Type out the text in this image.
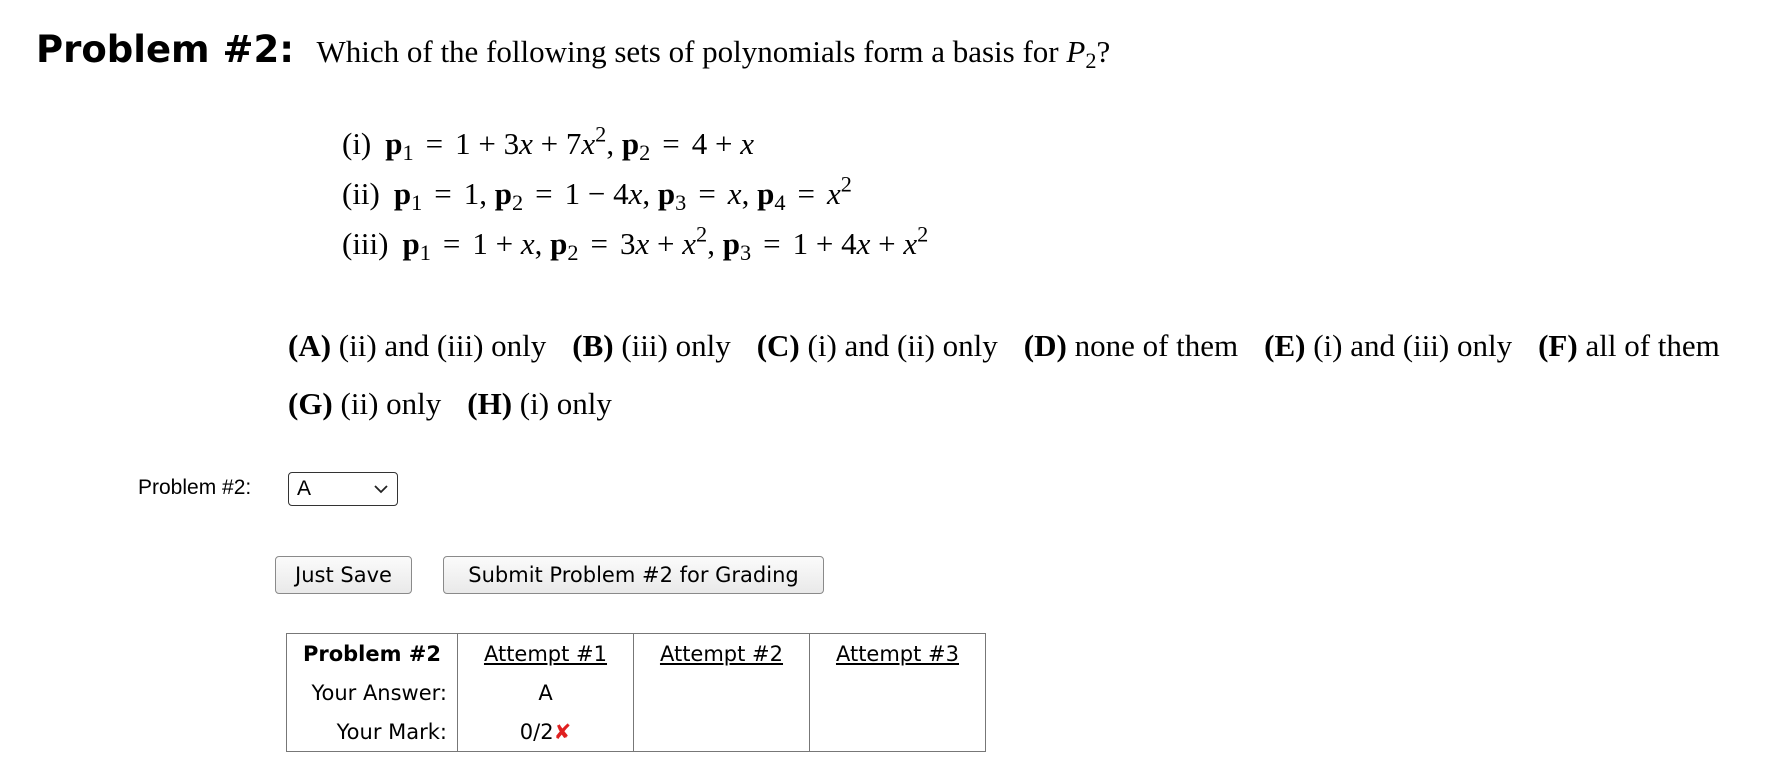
Problem #2: Which of the following sets of polynomials form a basis for $P_2$?
(i) $p_1 = 1 + 3x + 7x^2$, $p_2 = 4 + x$
(ii) $p_1 = 1$, $p_2 = 1 - 4x$, $p_3 = x$, $p_4 = x^2$
(iii) $p_1 = 1 + x$, $p_2 = 3x + x^2$, $p_3 = 1 + 4x + x^2$
(A) (ii) and (iii) only (B) (iii) only (C) (i) and (ii) only (D) none of them (E) (i) and (iii) only (F) all of them
(G) (ii) only (H) (i) only
Problem #2: A
Just Save	Submit Problem #2 for Grading
Problem #2	Attempt #1	Attempt #2	Attempt #3
Your Answer:	A		
Your Mark:	0/2✘		
